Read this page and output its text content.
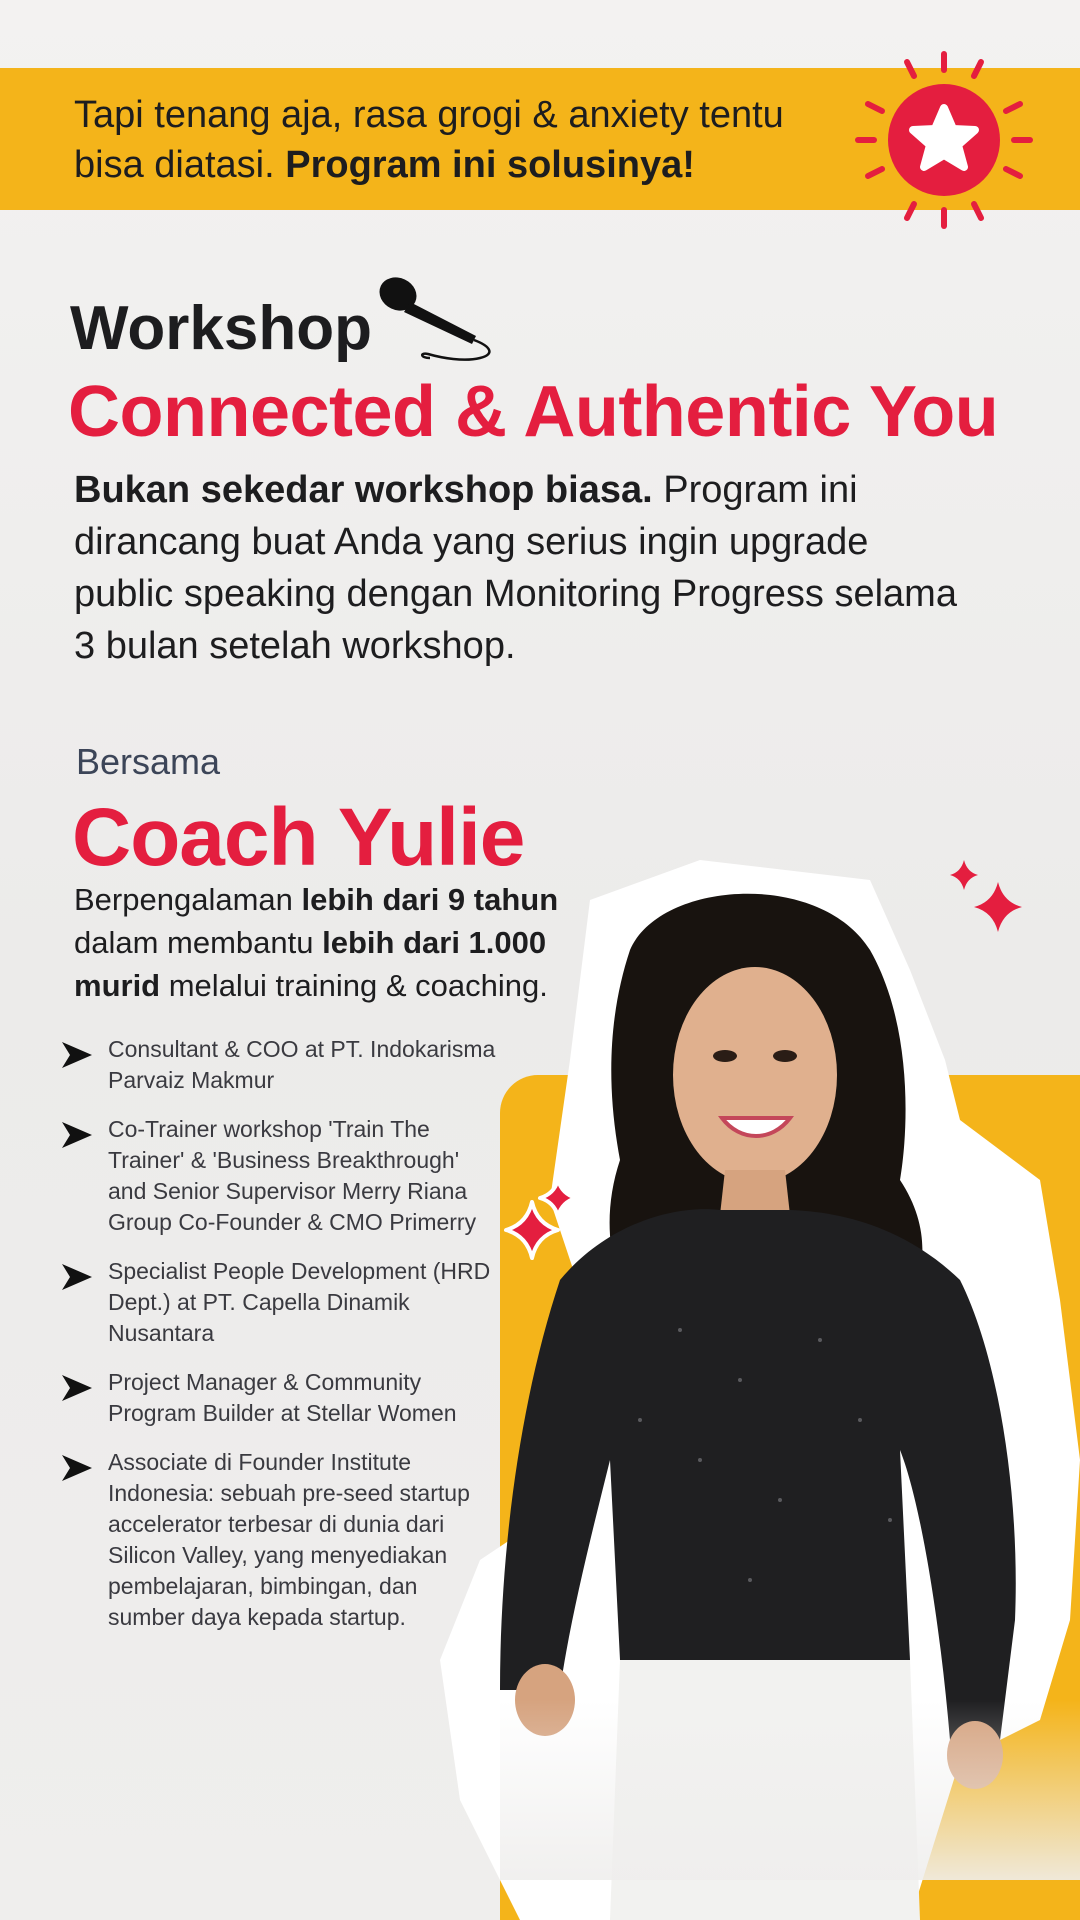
Tapi tenang aja, rasa grogi & anxiety tentu
bisa diatasi. Program ini solusinya!
Workshop
Connected & Authentic You
Bukan sekedar workshop biasa. Program ini dirancang buat Anda yang serius ingin upgrade public speaking dengan Monitoring Progress selama 3 bulan setelah workshop.
Bersama
Coach Yulie
Berpengalaman lebih dari 9 tahun dalam membantu lebih dari 1.000 murid melalui training & coaching.
Consultant & COO at PT. Indokarisma Parvaiz Makmur
Co-Trainer workshop 'Train The Trainer' & 'Business Breakthrough' and Senior Supervisor Merry Riana Group Co-Founder & CMO Primerry
Specialist People Development (HRD Dept.) at PT. Capella Dinamik Nusantara
Project Manager & Community Program Builder at Stellar Women
Associate di Founder Institute Indonesia: sebuah pre-seed startup accelerator terbesar di dunia dari Silicon Valley, yang menyediakan pembelajaran, bimbingan, dan sumber daya kepada startup.
